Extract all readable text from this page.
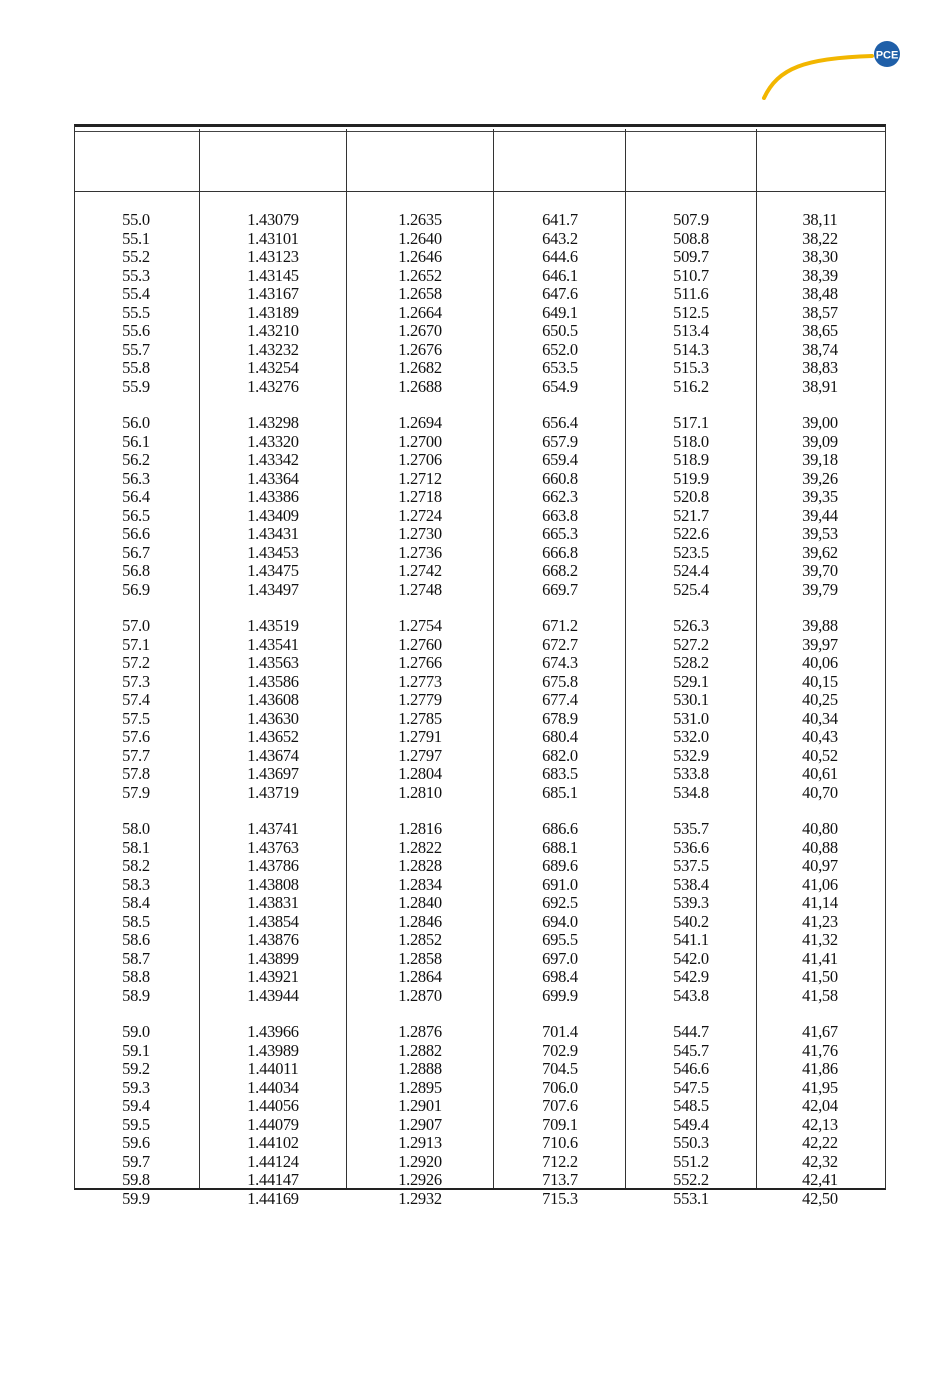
PCE
55.0
55.1
55.2
55.3
55.4
55.5
55.6
55.7
55.8
55.9
56.0
56.1
56.2
56.3
56.4
56.5
56.6
56.7
56.8
56.9
57.0
57.1
57.2
57.3
57.4
57.5
57.6
57.7
57.8
57.9
58.0
58.1
58.2
58.3
58.4
58.5
58.6
58.7
58.8
58.9
59.0
59.1
59.2
59.3
59.4
59.5
59.6
59.7
59.8
59.9
1.43079
1.43101
1.43123
1.43145
1.43167
1.43189
1.43210
1.43232
1.43254
1.43276
1.43298
1.43320
1.43342
1.43364
1.43386
1.43409
1.43431
1.43453
1.43475
1.43497
1.43519
1.43541
1.43563
1.43586
1.43608
1.43630
1.43652
1.43674
1.43697
1.43719
1.43741
1.43763
1.43786
1.43808
1.43831
1.43854
1.43876
1.43899
1.43921
1.43944
1.43966
1.43989
1.44011
1.44034
1.44056
1.44079
1.44102
1.44124
1.44147
1.44169
1.2635
1.2640
1.2646
1.2652
1.2658
1.2664
1.2670
1.2676
1.2682
1.2688
1.2694
1.2700
1.2706
1.2712
1.2718
1.2724
1.2730
1.2736
1.2742
1.2748
1.2754
1.2760
1.2766
1.2773
1.2779
1.2785
1.2791
1.2797
1.2804
1.2810
1.2816
1.2822
1.2828
1.2834
1.2840
1.2846
1.2852
1.2858
1.2864
1.2870
1.2876
1.2882
1.2888
1.2895
1.2901
1.2907
1.2913
1.2920
1.2926
1.2932
641.7
643.2
644.6
646.1
647.6
649.1
650.5
652.0
653.5
654.9
656.4
657.9
659.4
660.8
662.3
663.8
665.3
666.8
668.2
669.7
671.2
672.7
674.3
675.8
677.4
678.9
680.4
682.0
683.5
685.1
686.6
688.1
689.6
691.0
692.5
694.0
695.5
697.0
698.4
699.9
701.4
702.9
704.5
706.0
707.6
709.1
710.6
712.2
713.7
715.3
507.9
508.8
509.7
510.7
511.6
512.5
513.4
514.3
515.3
516.2
517.1
518.0
518.9
519.9
520.8
521.7
522.6
523.5
524.4
525.4
526.3
527.2
528.2
529.1
530.1
531.0
532.0
532.9
533.8
534.8
535.7
536.6
537.5
538.4
539.3
540.2
541.1
542.0
542.9
543.8
544.7
545.7
546.6
547.5
548.5
549.4
550.3
551.2
552.2
553.1
38,11
38,22
38,30
38,39
38,48
38,57
38,65
38,74
38,83
38,91
39,00
39,09
39,18
39,26
39,35
39,44
39,53
39,62
39,70
39,79
39,88
39,97
40,06
40,15
40,25
40,34
40,43
40,52
40,61
40,70
40,80
40,88
40,97
41,06
41,14
41,23
41,32
41,41
41,50
41,58
41,67
41,76
41,86
41,95
42,04
42,13
42,22
42,32
42,41
42,50
